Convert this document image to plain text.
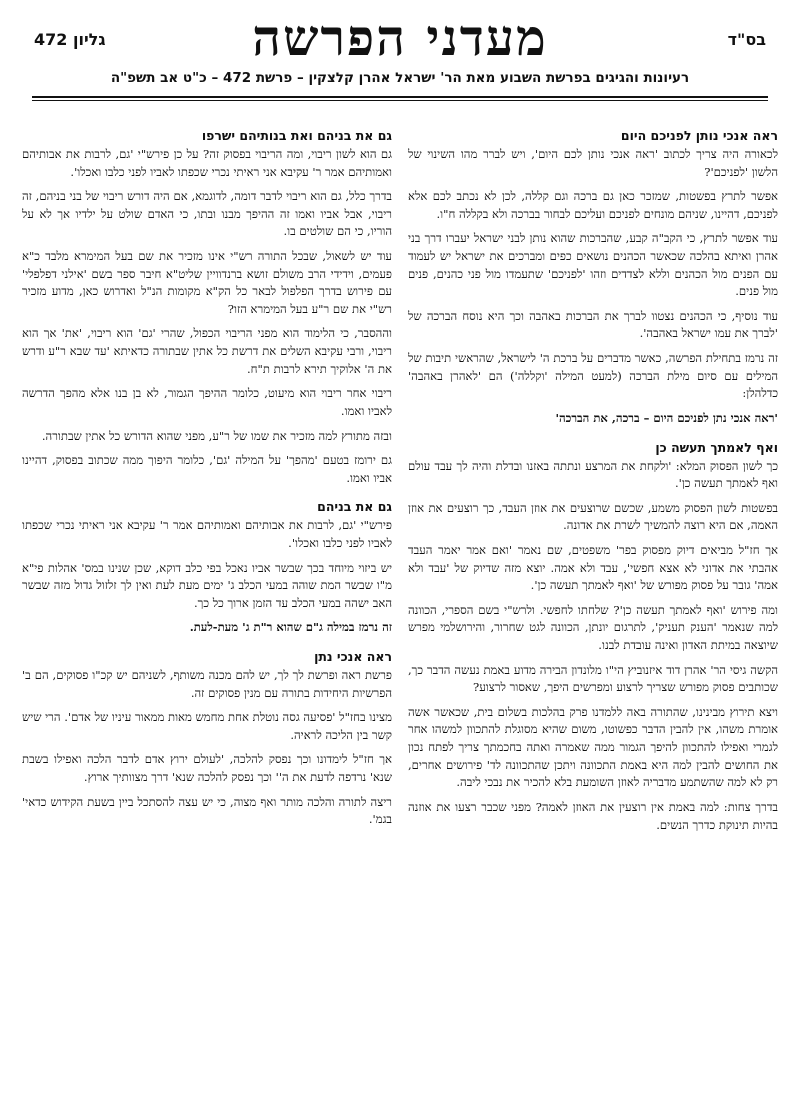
בס"ד
גליון 472	מעדני הפרשה
רעיונות והגיגים בפרשת השבוע מאת הר' ישראל אהרן קלצקין – פרשת 472 – כ"ט אב תשפ"ה
ראה אנכי נותן לפניכם היום

לכאורה היה צריך לכתוב 'ראה אנכי נותן לכם היום', ויש לברר מהו השינוי של הלשון 'לפניכם'?

אפשר לתרץ בפשטות, שמזכר כאן גם ברכה וגם קללה, לכן לא נכתב לכם אלא לפניכם, דהיינו, שניהם מונחים לפניכם ועליכם לבחור בברכה ולא בקללה ח"ו.

עוד אפשר לתרץ, כי הקב"ה קבע, שהברכות שהוא נותן לבני ישראל יעברו דרך בני אהרן ואיתא בהלכה שכאשר הכהנים נושאים כפים ומברכים את ישראל יש לעמוד עם הפנים מול הכהנים וללא לצדדים וזהו 'לפניכם' שתעמדו מול פני כהנים, פנים מול פנים.

עוד נוסיף, כי הכהנים נצטוו לברך את הברכות באהבה וכך היא נוסח הברכה של 'לברך את עמו ישראל באהבה'.

זה נרמז בתחילת הפרשה, כאשר מדברים על ברכת ה' לישראל, שהראשי תיבות של המילים עם סיום מילת הברכה (למעט המילה 'וקללה') הם 'לאהרן באהבה' כדלהלן:

'ראה אנכי נתן לפניכם היום – ברכה, את הברכה'

ואף לאמתך תעשה כן

כך לשון הפסוק המלא: 'ולקחת את המרצע ונתתה באזנו ובדלת והיה לך עבד עולם ואף לאמתך תעשה כן'.

בפשטות לשון הפסוק משמע, שכשם שרוצעים את אוזן העבד, כך רוצעים את אוזן האמה, אם היא רוצה להמשיך לשרת את אדונה.

אך חז"ל מביאים דיוק מפסוק בפר' משפטים, שם נאמר 'ואם אמר יאמר העבד אהבתי את אדוני לא אצא חפשי', עבד ולא אמה. יוצא מזה שדיוק של 'עבד ולא אמה' גובר על פסוק מפורש של 'ואף לאמתך תעשה כן'.

ומה פירוש 'ואף לאמתך תעשה כן'? שלחתו לחפשי. ולרש"י בשם הספרי, הכוונה למה שנאמר 'הענק תעניק', לתרגום יונתן, הכוונה לגט שחרור, והירושלמי מפרש שיוצאה במיתת האדון ואינה עובדת לבנו.

הקשה גיסי הר' אהרן דוד איזנוביץ הי"ו מלונדון הבירה מדוע באמת נעשה הדבר כך, שכותבים פסוק מפורש שצריך לרצוע ומפרשים היפך, שאסור לרצוע?

ויצא תירוץ מבינינו, שהתורה באה ללמדנו פרק בהלכות בשלום בית, שכאשר אשה אומרת משהו, אין להבין הדבר כפשוטו, משום שהיא מסוגלת להתכוון למשהו אחר לגמרי ואפילו להתכוון להיפך הגמור ממה שאמרה ואתה בחכמתך צריך לפתח נכון את החושים להבין למה היא באמת התכוונה ויתכן שהתכוונה לד' פירושים אחרים, רק לא למה שהשתמע מדבריה לאוזן השומעת בלא להכיר את נבכי ליבה.

בדרך צחות: למה באמת אין רוצעין את האוזן לאמה? מפני שכבר רצעו את אוזנה בהיות תינוקת כדרך הנשים.

גם את בניהם ואת בנותיהם ישרפו

גם הוא לשון ריבוי, ומה הריבוי בפסוק זה? על כן פירש"י 'גם, לרבות את אבותיהם ואמותיהם אמר ר' עקיבא אני ראיתי נכרי שכפתו לאביו לפני כלבו ואכלו'.

בדרך כלל, גם הוא ריבוי לדבר דומה, לדוגמא, אם היה דורש ריבוי של בני בניהם, זה ריבוי, אבל אביו ואמו זה ההיפך מבנו ובתו, כי האדם שולט על ילדיו אך לא על הוריו, כי הם שולטים בו.

עוד יש לשאול, שבכל התורה רש"י אינו מזכיר את שם בעל המימרא מלבד כ"א פעמים, וידידי הרב משולם זושא ברנדוויין שליט"א חיבר ספר בשם 'אילני דפלפלי' עם פירוש בדרך הפלפול לבאר כל הק"א מקומות הנ"ל ואדרוש כאן, מדוע מזכיר רש"י את שם ר"ע בעל המימרא הזו?

וההסבר, כי הלימוד הוא מפני הריבוי הכפול, שהרי 'גם' הוא ריבוי, 'את' אך הוא ריבוי, ורבי עקיבא השלים את דרשת כל אתין שבתורה כדאיתא 'עד שבא ר"ע ודרש את ה' אלוקיך תירא לרבות ת"ח.

ריבוי אחר ריבוי הוא מיעוט, כלומר ההיפך הגמור, לא בן בנו אלא מהפך הדרשה לאביו ואמו.

ובזה מתורץ למה מזכיר את שמו של ר"ע, מפני שהוא הדורש כל אתין שבתורה.

גם ירומז בטעם 'מהפך' על המילה 'גם', כלומר היפוך ממה שכתוב בפסוק, דהיינו אביו ואמו.

גם את בניהם

פירש"י 'גם, לרבות את אבותיהם ואמותיהם אמר ר' עקיבא אני ראיתי נכרי שכפתו לאביו לפני כלבו ואכלו'.

יש ביזוי מיוחד בכך שבשר אביו נאכל בפי כלב דוקא, שכן שנינו במס' אהלות פי"א מ"ו שבשר המת שוהה במעי הכלב ג' ימים מעת לעת ואין לך זלזול גדול מזה שבשר האב ישהה במעי הכלב עד הזמן ארוך כל כך.

זה נרמז במילה ג"ם שהוא ר"ת ג' מעת-לעת.

ראה אנכי נתן

פרשת ראה ופרשת לך לך, יש להם מכנה משותף, לשניהם יש קכ"ו פסוקים, הם ב' הפרשיות היחידות בתורה עם מנין פסוקים זה.

מצינו בחז"ל 'פסיעה גסה נוטלת אחת מחמש מאות ממאור עיניו של אדם'. הרי שיש קשר בין הליכה לראיה.

אך חז"ל לימדונו וכך נפסק להלכה, 'לעולם ירוץ אדם לדבר הלכה ואפילו בשבת שנא' נרדפה לדעת את ה'' וכך נפסק להלכה שנא' דרך מצוותיך ארוץ.

ריצה לתורה והלכה מותר ואף מצוה, כי יש עצה להסתכל ביין בשעת הקידוש כדאי' בגמ'.
